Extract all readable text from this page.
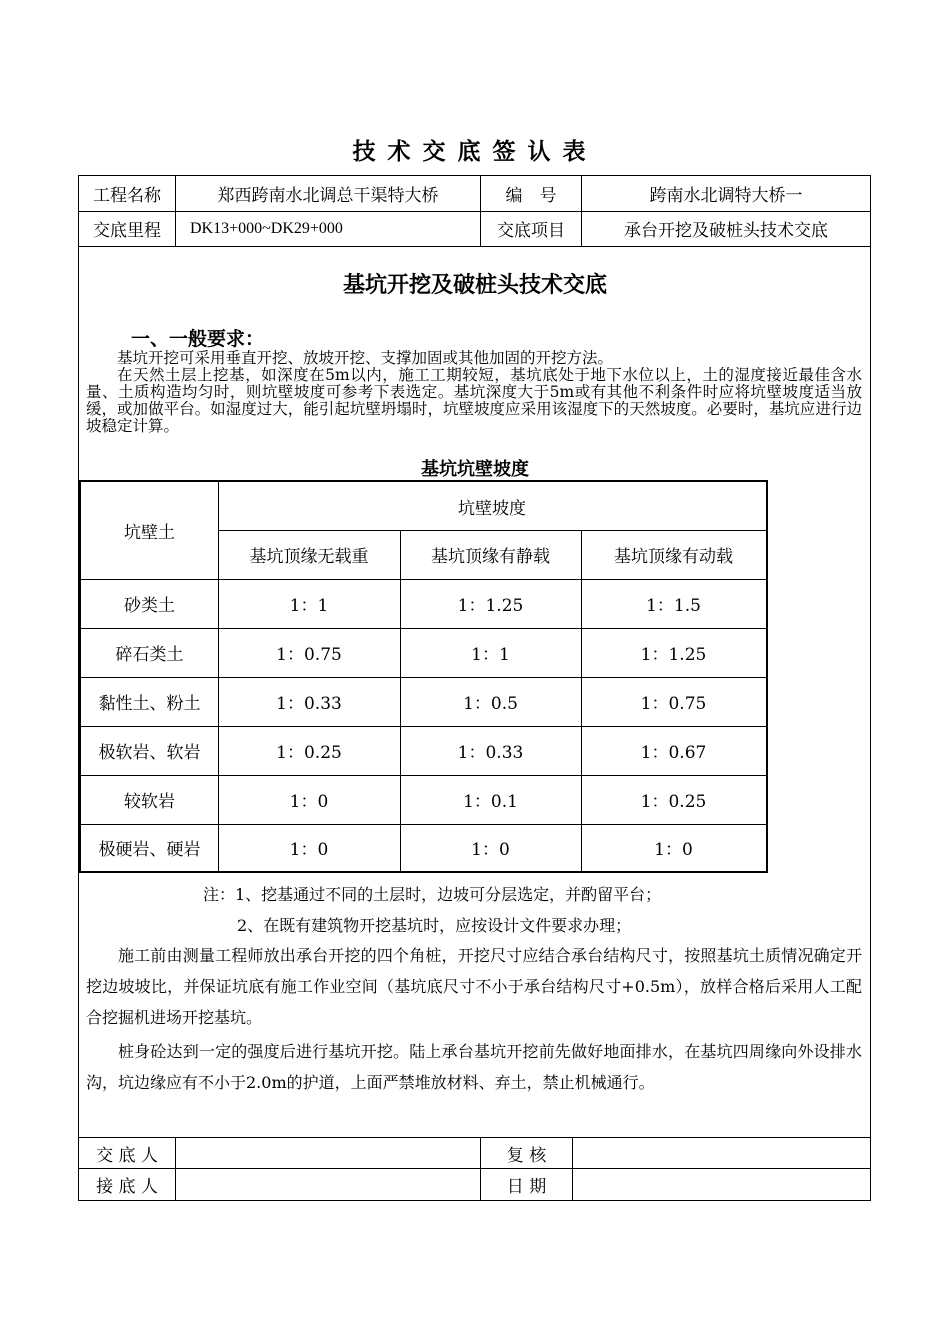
技术交底签认表
工程名称	郑西跨南水北调总干渠特大桥	编　号	跨南水北调特大桥一
交底里程	DK13+000~DK29+000	交底项目	承台开挖及破桩头技术交底
交 底 人	复 核
接 底 人	日 期
基坑开挖及破桩头技术交底
一、一般要求：

基坑开挖可采用垂直开挖、放坡开挖、支撑加固或其他加固的开挖方法。

在天然土层上挖基，如深度在5m以内，施工工期较短，基坑底处于地下水位以上，土的湿度接近最佳含水量、土质构造均匀时，则坑壁坡度可参考下表选定。基坑深度大于5m或有其他不利条件时应将坑壁坡度适当放缓，或加做平台。如湿度过大，能引起坑壁坍塌时，坑壁坡度应采用该湿度下的天然坡度。必要时，基坑应进行边坡稳定计算。

基坑坑壁坡度
坑壁土
坑壁坡度
基坑顶缘无载重	基坑顶缘有静载	基坑顶缘有动载
砂类土	1：1	1：1.25	1：1.5
碎石类土	1：0.75	1：1	1：1.25
黏性土、粉土	1：0.33	1：0.5	1：0.75
极软岩、软岩	1：0.25	1：0.33	1：0.67
较软岩	1：0	1：0.1	1：0.25
极硬岩、硬岩	1：0	1：0	1：0
注：1、挖基通过不同的土层时，边坡可分层选定，并酌留平台；
2、在既有建筑物开挖基坑时，应按设计文件要求办理；

施工前由测量工程师放出承台开挖的四个角桩，开挖尺寸应结合承台结构尺寸，按照基坑土质情况确定开挖边坡坡比，并保证坑底有施工作业空间（基坑底尺寸不小于承台结构尺寸+0.5m），放样合格后采用人工配合挖掘机进场开挖基坑。

桩身砼达到一定的强度后进行基坑开挖。陆上承台基坑开挖前先做好地面排水，在基坑四周缘向外设排水沟，坑边缘应有不小于2.0m的护道，上面严禁堆放材料、弃土，禁止机械通行。
